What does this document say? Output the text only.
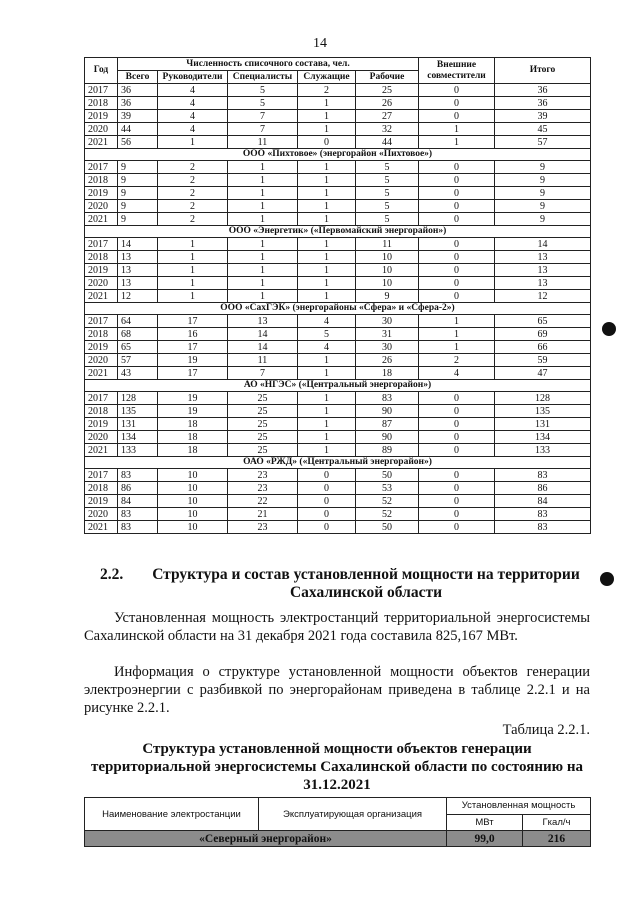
14
Год	Численность списочного состава, чел.					Внешние совместители	Итого
	Всего	Руководители	Специалисты	Служащие	Рабочие		
2017	36	4	5	2	25	0	36
2018	36	4	5	1	26	0	36
2019	39	4	7	1	27	0	39
2020	44	4	7	1	32	1	45
2021	56	1	11	0	44	1	57
ООО «Пихтовое» (энергорайон «Пихтовое»)							
2017	9	2	1	1	5	0	9
2018	9	2	1	1	5	0	9
2019	9	2	1	1	5	0	9
2020	9	2	1	1	5	0	9
2021	9	2	1	1	5	0	9
ООО «Энергетик» («Первомайский энергорайон»)							
2017	14	1	1	1	11	0	14
2018	13	1	1	1	10	0	13
2019	13	1	1	1	10	0	13
2020	13	1	1	1	10	0	13
2021	12	1	1	1	9	0	12
ООО «СахГЭК» (энергорайоны «Сфера» и «Сфера-2»)							
2017	64	17	13	4	30	1	65
2018	68	16	14	5	31	1	69
2019	65	17	14	4	30	1	66
2020	57	19	11	1	26	2	59
2021	43	17	7	1	18	4	47
АО «НГЭС» («Центральный энергорайон»)							
2017	128	19	25	1	83	0	128
2018	135	19	25	1	90	0	135
2019	131	18	25	1	87	0	131
2020	134	18	25	1	90	0	134
2021	133	18	25	1	89	0	133
ОАО «РЖД» («Центральный энергорайон»)							
2017	83	10	23	0	50	0	83
2018	86	10	23	0	53	0	86
2019	84	10	22	0	52	0	84
2020	83	10	21	0	52	0	83
2021	83	10	23	0	50	0	83
2.2.	Структура и состав установленной мощности на территории Сахалинской области

Установленная мощность электростанций территориальной энергосистемы Сахалинской области на 31 декабря 2021 года составила 825,167 МВт.

Информация о структуре установленной мощности объектов генерации электроэнергии с разбивкой по энергорайонам приведена в таблице 2.2.1 и на рисунке 2.2.1.

Таблица 2.2.1.
Структура установленной мощности объектов генерации территориальной энергосистемы Сахалинской области по состоянию на 31.12.2021
Наименование электростанции	Эксплуатирующая организация	Установленная мощность	
		МВт	Гкал/ч
«Северный энергорайон»		99,0	216
